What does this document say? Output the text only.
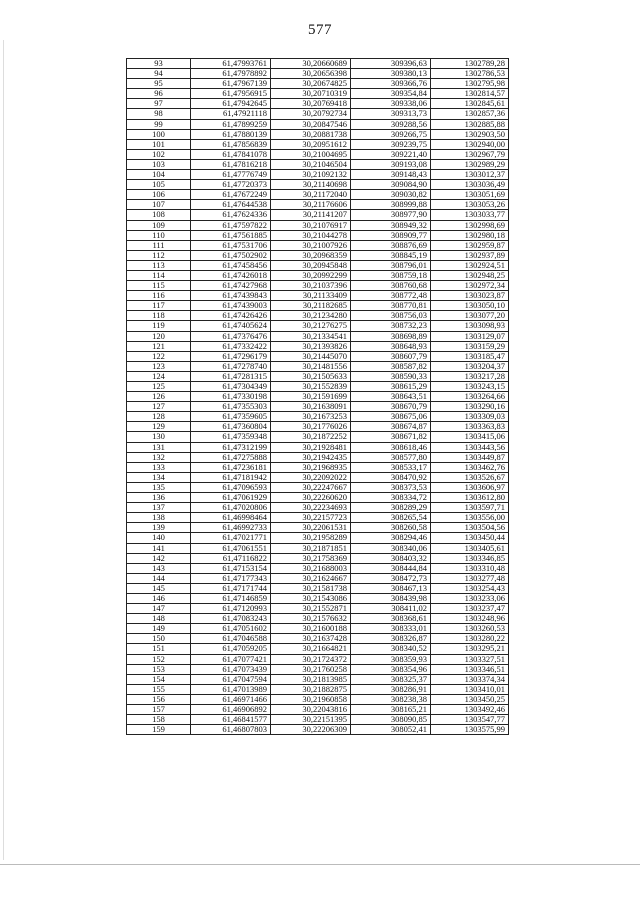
577
93	61,47993761	30,20660689	309396,63	1302789,28
94	61,47978892	30,20656398	309380,13	1302786,53
95	61,47967139	30,20674825	309366,76	1302795,98
96	61,47956915	30,20710319	309354,84	1302814,57
97	61,47942645	30,20769418	309338,06	1302845,61
98	61,47921118	30,20792734	309313,73	1302857,36
99	61,47899259	30,20847546	309288,56	1302885,88
100	61,47880139	30,20881738	309266,75	1302903,50
101	61,47856839	30,20951612	309239,75	1302940,00
102	61,47841078	30,21004695	309221,40	1302967,79
103	61,47816218	30,21046504	309193,08	1302989,29
104	61,47776749	30,21092132	309148,43	1303012,37
105	61,47720373	30,21140698	309084,90	1303036,49
106	61,47672249	30,21172040	309030,82	1303051,69
107	61,47644538	30,21176606	308999,88	1303053,26
108	61,47624336	30,21141207	308977,90	1303033,77
109	61,47597822	30,21076917	308949,32	1302998,69
110	61,47561885	30,21044278	308909,77	1302980,18
111	61,47531706	30,21007926	308876,69	1302959,87
112	61,47502902	30,20968359	308845,19	1302937,89
113	61,47458456	30,20945848	308796,01	1302924,51
114	61,47426018	30,20992299	308759,18	1302948,25
115	61,47427968	30,21037396	308760,68	1302972,34
116	61,47439843	30,21133409	308772,48	1303023,87
117	61,47439003	30,21182685	308770,81	1303050,10
118	61,47426426	30,21234280	308756,03	1303077,20
119	61,47405624	30,21276275	308732,23	1303098,93
120	61,47376476	30,21334541	308698,89	1303129,07
121	61,47332422	30,21393826	308648,93	1303159,29
122	61,47296179	30,21445070	308607,79	1303185,47
123	61,47278740	30,21481556	308587,82	1303204,37
124	61,47281315	30,21505633	308590,33	1303217,28
125	61,47304349	30,21552839	308615,29	1303243,15
126	61,47330198	30,21591699	308643,51	1303264,66
127	61,47355303	30,21638091	308670,79	1303290,16
128	61,47359605	30,21673253	308675,06	1303309,03
129	61,47360804	30,21776026	308674,87	1303363,83
130	61,47359348	30,21872252	308671,82	1303415,06
131	61,47312199	30,21928481	308618,46	1303443,56
132	61,47275888	30,21942435	308577,80	1303449,87
133	61,47236181	30,21968935	308533,17	1303462,76
134	61,47181942	30,22092022	308470,92	1303526,67
135	61,47096593	30,22247667	308373,53	1303606,97
136	61,47061929	30,22260620	308334,72	1303612,80
137	61,47020806	30,22234693	308289,29	1303597,71
138	61,46998464	30,22157723	308265,54	1303556,00
139	61,46992733	30,22061531	308260,58	1303504,56
140	61,47021771	30,21958289	308294,46	1303450,44
141	61,47061551	30,21871851	308340,06	1303405,61
142	61,47116822	30,21758369	308403,32	1303346,85
143	61,47153154	30,21688003	308444,84	1303310,48
144	61,47177343	30,21624667	308472,73	1303277,48
145	61,47171744	30,21581738	308467,13	1303254,43
146	61,47146859	30,21543086	308439,98	1303233,06
147	61,47120993	30,21552871	308411,02	1303237,47
148	61,47083243	30,21576632	308368,61	1303248,96
149	61,47051602	30,21600188	308333,01	1303260,53
150	61,47046588	30,21637428	308326,87	1303280,22
151	61,47059205	30,21664821	308340,52	1303295,21
152	61,47077421	30,21724372	308359,93	1303327,51
153	61,47073439	30,21760258	308354,96	1303346,51
154	61,47047594	30,21813985	308325,37	1303374,34
155	61,47013989	30,21882875	308286,91	1303410,01
156	61,46971466	30,21960858	308238,38	1303450,25
157	61,46906892	30,22043816	308165,21	1303492,46
158	61,46841577	30,22151395	308090,85	1303547,77
159	61,46807803	30,22206309	308052,41	1303575,99
